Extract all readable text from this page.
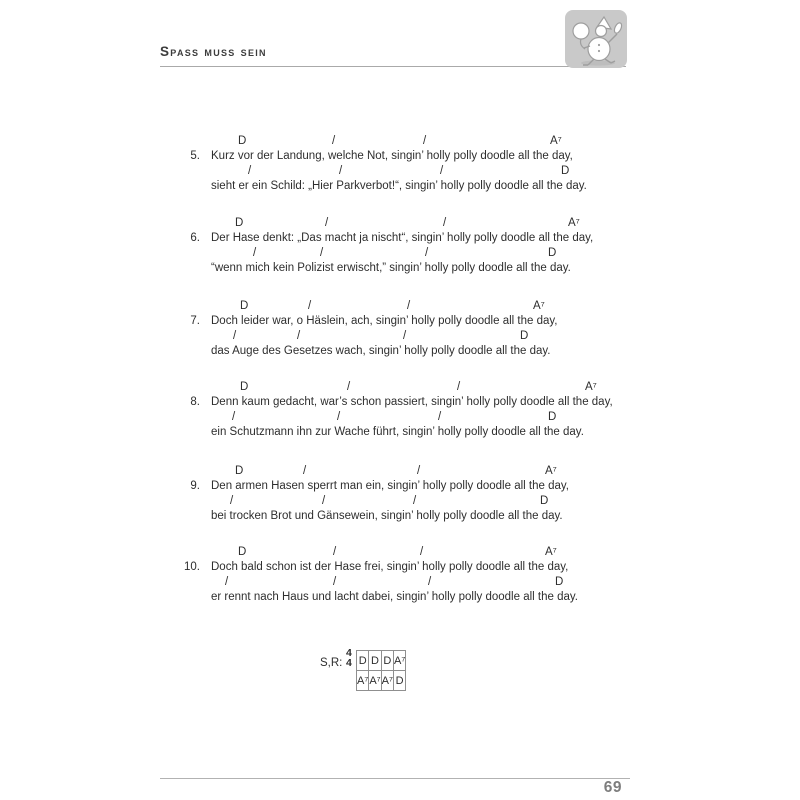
Spass muss sein
D	/	/	A⁷
5. Kurz vor der Landung, welche Not, singin’ holly polly doodle all the day,
/	/	/	D
sieht er ein Schild: „Hier Parkverbot!“, singin’ holly polly doodle all the day.
D	/	/	A⁷
6. Der Hase denkt: „Das macht ja nischt“, singin’ holly polly doodle all the day,
/	/	/	D
“wenn mich kein Polizist erwischt,” singin’ holly polly doodle all the day.
D	/	/	A⁷
7. Doch leider war, o Häslein, ach, singin’ holly polly doodle all the day,
/	/	/	D
das Auge des Gesetzes wach, singin’ holly polly doodle all the day.
D	/	/	A⁷
8. Denn kaum gedacht, war’s schon passiert, singin’ holly polly doodle all the day,
/	/	/	D
ein Schutzmann ihn zur Wache führt, singin’ holly polly doodle all the day.
D	/	/	A⁷
9. Den armen Hasen sperrt man ein, singin’ holly polly doodle all the day,
/	/	/	D
bei trocken Brot und Gänsewein, singin’ holly polly doodle all the day.
D	/	/	A⁷
10. Doch bald schon ist der Hase frei, singin’ holly polly doodle all the day,
/	/	/	D
er rennt nach Haus und lacht dabei, singin’ holly polly doodle all the day.
S,R:
4
4 D	D	D	A⁷
A⁷	A⁷	A⁷	D
69
